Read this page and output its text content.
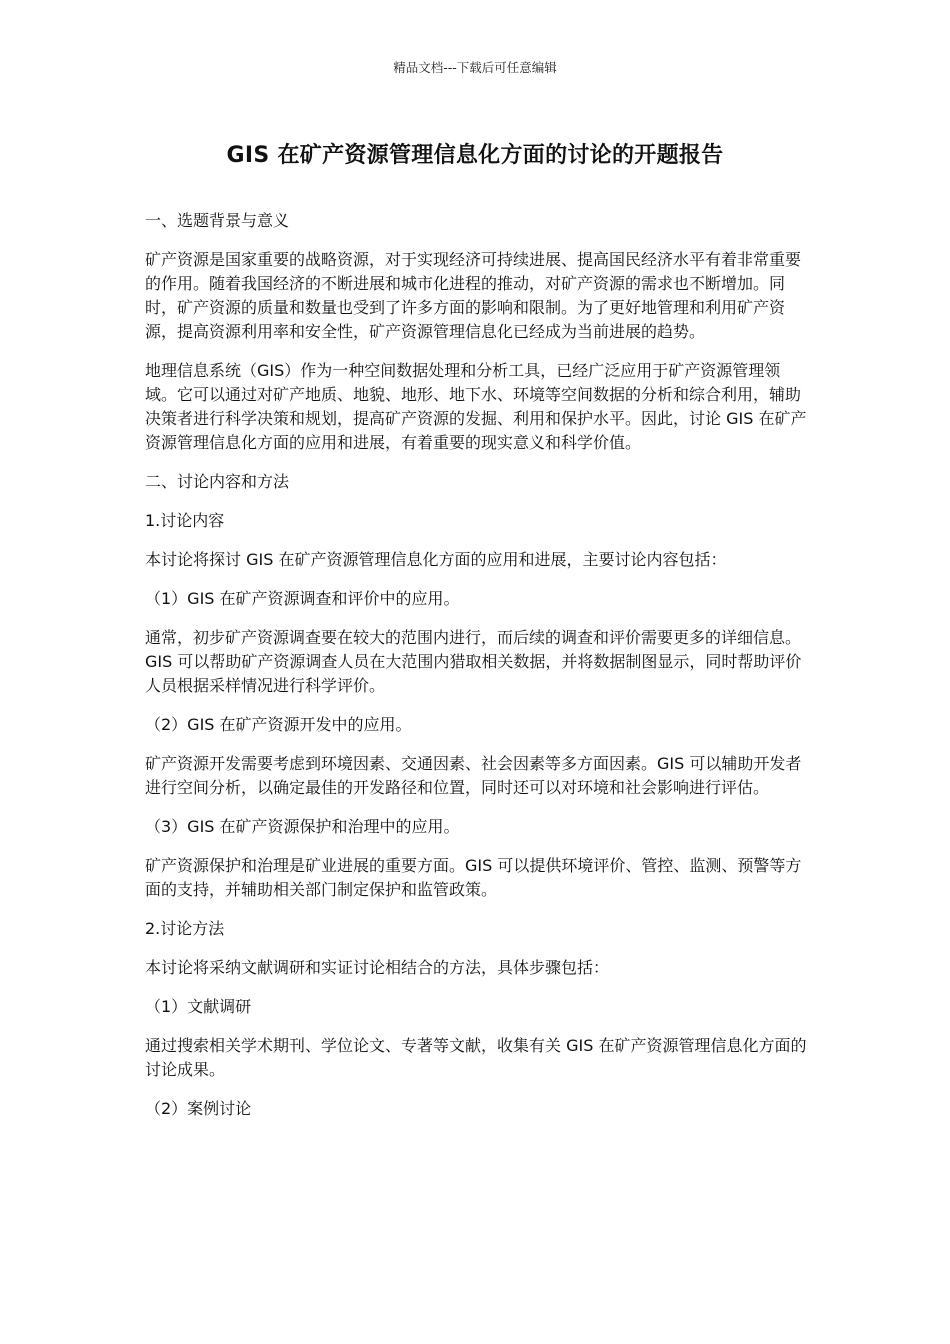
精品文档---下载后可任意编辑
GIS 在矿产资源管理信息化方面的讨论的开题报告

一、选题背景与意义

矿产资源是国家重要的战略资源，对于实现经济可持续进展、提高国民经济水平有着非常重要的作用。随着我国经济的不断进展和城市化进程的推动，对矿产资源的需求也不断增加。同时，矿产资源的质量和数量也受到了许多方面的影响和限制。为了更好地管理和利用矿产资源，提高资源利用率和安全性，矿产资源管理信息化已经成为当前进展的趋势。

地理信息系统（GIS）作为一种空间数据处理和分析工具，已经广泛应用于矿产资源管理领域。它可以通过对矿产地质、地貌、地形、地下水、环境等空间数据的分析和综合利用，辅助决策者进行科学决策和规划，提高矿产资源的发掘、利用和保护水平。因此，讨论 GIS 在矿产资源管理信息化方面的应用和进展，有着重要的现实意义和科学价值。

二、讨论内容和方法

1.讨论内容

本讨论将探讨 GIS 在矿产资源管理信息化方面的应用和进展，主要讨论内容包括：

（1）GIS 在矿产资源调查和评价中的应用。

通常，初步矿产资源调查要在较大的范围内进行，而后续的调查和评价需要更多的详细信息。GIS 可以帮助矿产资源调查人员在大范围内猎取相关数据，并将数据制图显示，同时帮助评价人员根据采样情况进行科学评价。

（2）GIS 在矿产资源开发中的应用。

矿产资源开发需要考虑到环境因素、交通因素、社会因素等多方面因素。GIS 可以辅助开发者进行空间分析，以确定最佳的开发路径和位置，同时还可以对环境和社会影响进行评估。

（3）GIS 在矿产资源保护和治理中的应用。

矿产资源保护和治理是矿业进展的重要方面。GIS 可以提供环境评价、管控、监测、预警等方面的支持，并辅助相关部门制定保护和监管政策。

2.讨论方法

本讨论将采纳文献调研和实证讨论相结合的方法，具体步骤包括：

（1）文献调研

通过搜索相关学术期刊、学位论文、专著等文献，收集有关 GIS 在矿产资源管理信息化方面的讨论成果。

（2）案例讨论
